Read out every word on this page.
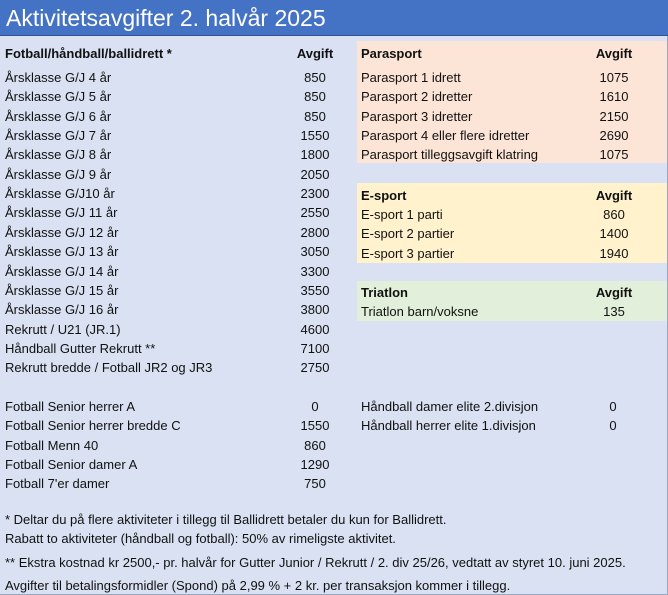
Aktivitetsavgifter 2. halvår 2025
Fotball/håndball/ballidrett *	Avgift
Årsklasse G/J 4 år	850
Årsklasse G/J 5 år	850
Årsklasse G/J 6 år	850
Årsklasse G/J 7 år	1550
Årsklasse G/J 8 år	1800
Årsklasse G/J 9 år	2050
Årsklasse G/J10 år	2300
Årsklasse G/J 11 år	2550
Årsklasse G/J 12 år	2800
Årsklasse G/J 13 år	3050
Årsklasse G/J 14 år	3300
Årsklasse G/J 15 år	3550
Årsklasse G/J 16 år	3800
Rekrutt / U21 (JR.1)	4600
Håndball Gutter Rekrutt **	7100
Rekrutt bredde / Fotball JR2 og JR3	2750
Fotball Senior herrer A	0
Fotball Senior herrer bredde C	1550
Fotball Menn 40	860
Fotball Senior damer A	1290
Fotball 7'er damer	750
Parasport	Avgift
Parasport 1 idrett	1075
Parasport 2 idretter	1610
Parasport 3 idretter	2150
Parasport 4 eller flere idretter	2690
Parasport tilleggsavgift klatring	1075
E-sport	Avgift
E-sport 1 parti	860
E-sport 2 partier	1400
E-sport 3 partier	1940
Triatlon	Avgift
Triatlon barn/voksne	135
Håndball damer elite 2.divisjon	0
Håndball herrer elite 1.divisjon	0
* Deltar du på flere aktiviteter i tillegg til Ballidrett betaler du kun for Ballidrett.
Rabatt to aktiviteter (håndball og fotball): 50% av rimeligste aktivitet.
** Ekstra kostnad kr 2500,- pr. halvår for Gutter Junior / Rekrutt / 2. div 25/26, vedtatt av styret 10. juni 2025.
Avgifter til betalingsformidler (Spond) på 2,99 % + 2 kr. per transaksjon kommer i tillegg.
